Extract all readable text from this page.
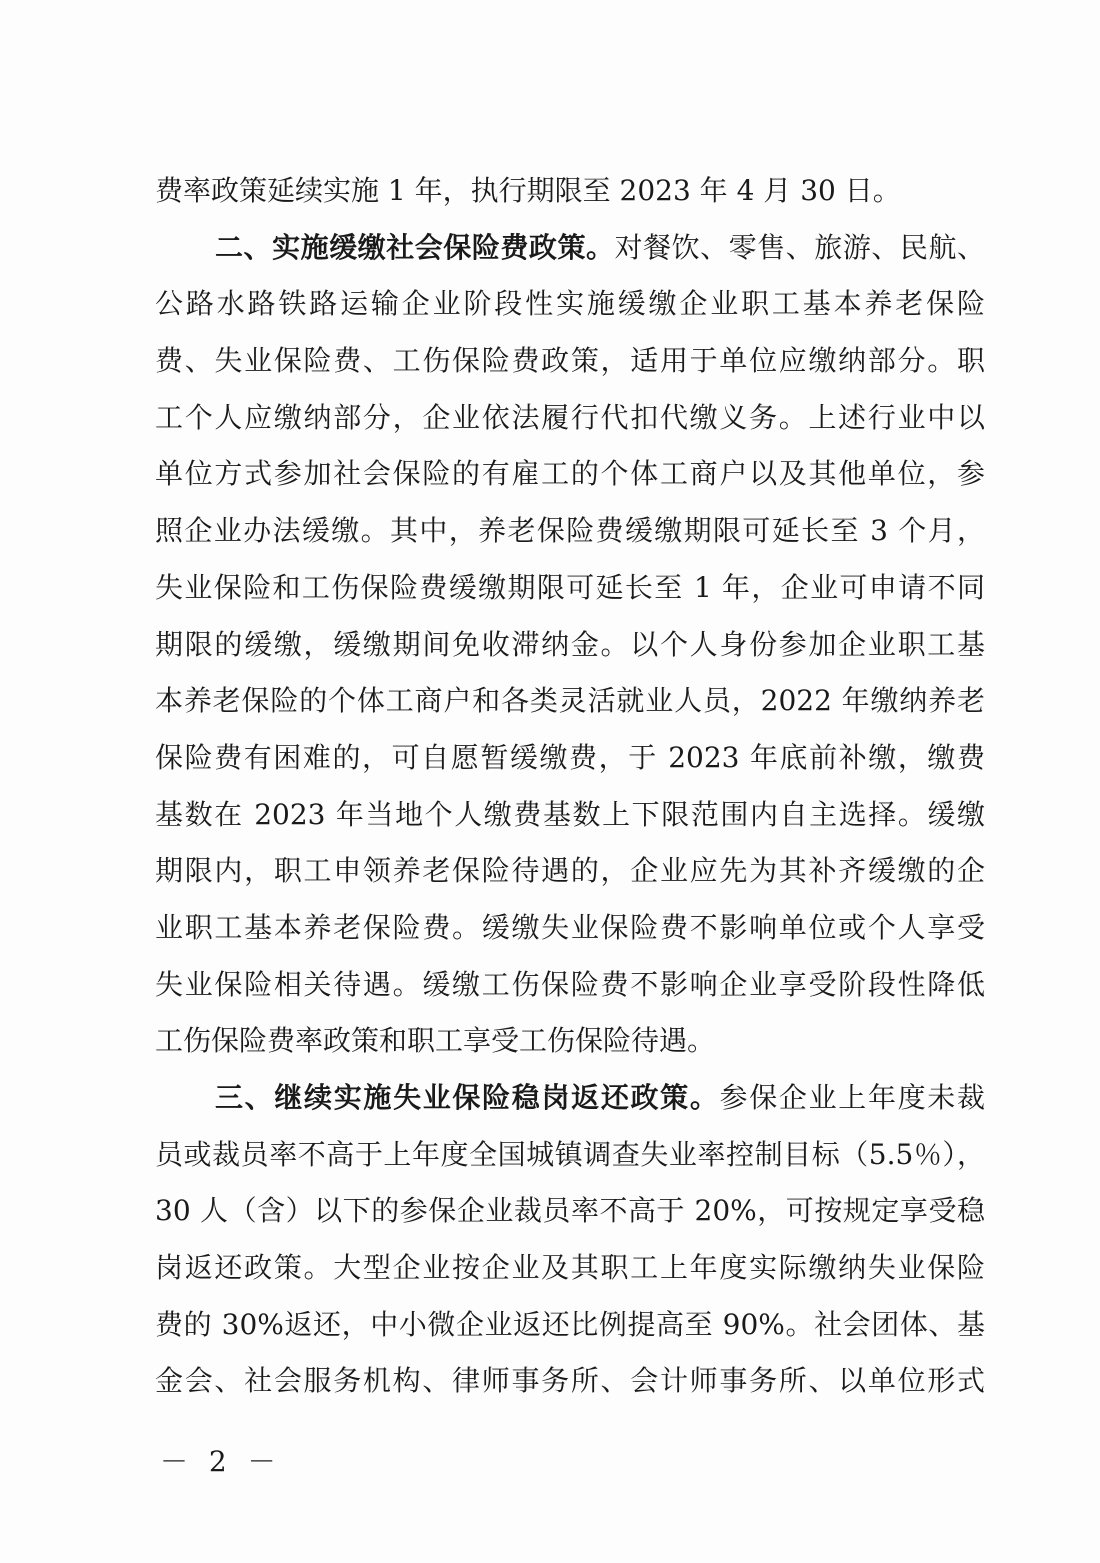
费率政策延续实施 1 年，执行期限至 2023 年 4 月 30 日。
二、实施缓缴社会保险费政策。对餐饮、零售、旅游、民航、
公路水路铁路运输企业阶段性实施缓缴企业职工基本养老保险
费、失业保险费、工伤保险费政策，适用于单位应缴纳部分。职
工个人应缴纳部分，企业依法履行代扣代缴义务。上述行业中以
单位方式参加社会保险的有雇工的个体工商户以及其他单位，参
照企业办法缓缴。其中，养老保险费缓缴期限可延长至 3 个月，
失业保险和工伤保险费缓缴期限可延长至 1 年，企业可申请不同
期限的缓缴，缓缴期间免收滞纳金。以个人身份参加企业职工基
本养老保险的个体工商户和各类灵活就业人员，2022 年缴纳养老
保险费有困难的，可自愿暂缓缴费，于 2023 年底前补缴，缴费
基数在 2023 年当地个人缴费基数上下限范围内自主选择。缓缴
期限内，职工申领养老保险待遇的，企业应先为其补齐缓缴的企
业职工基本养老保险费。缓缴失业保险费不影响单位或个人享受
失业保险相关待遇。缓缴工伤保险费不影响企业享受阶段性降低
工伤保险费率政策和职工享受工伤保险待遇。
三、继续实施失业保险稳岗返还政策。参保企业上年度未裁
员或裁员率不高于上年度全国城镇调查失业率控制目标（5.5％），
30 人（含）以下的参保企业裁员率不高于 20%，可按规定享受稳
岗返还政策。大型企业按企业及其职工上年度实际缴纳失业保险
费的 30%返还，中小微企业返还比例提高至 90%。社会团体、基
金会、社会服务机构、律师事务所、会计师事务所、以单位形式
－ 2 －
